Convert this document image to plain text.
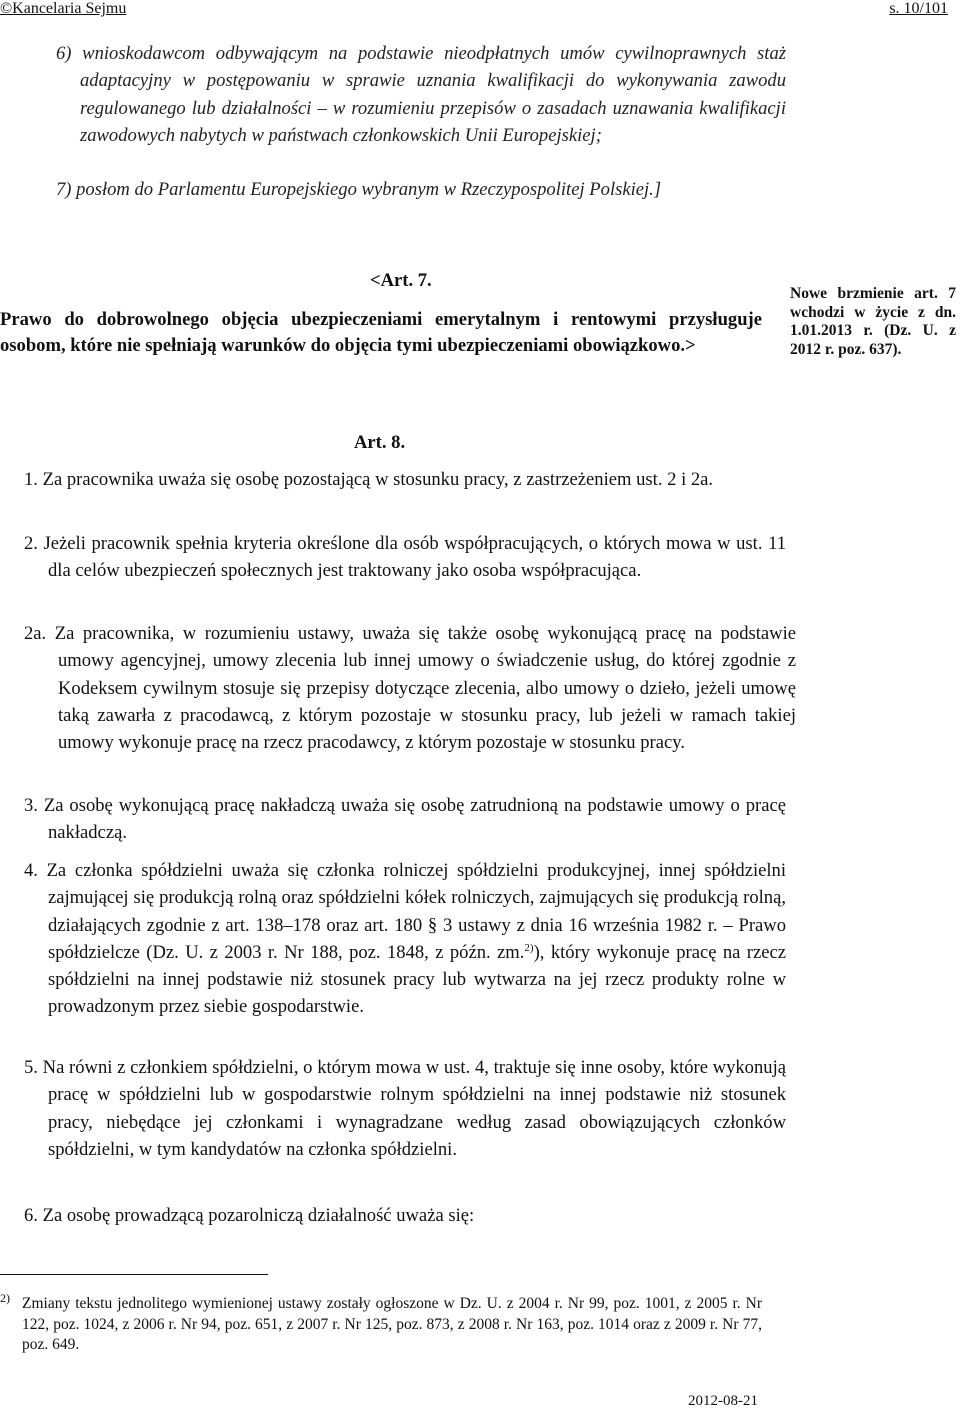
©Kancelaria Sejmu	s. 10/101
6) wnioskodawcom odbywającym na podstawie nieodpłatnych umów cywilnoprawnych staż adaptacyjny w postępowaniu w sprawie uznania kwalifikacji do wykonywania zawodu regulowanego lub działalności – w rozumieniu przepisów o zasadach uznawania kwalifikacji zawodowych nabytych w państwach członkowskich Unii Europejskiej;
7) posłom do Parlamentu Europejskiego wybranym w Rzeczypospolitej Polskiej.]
<Art. 7.
Prawo do dobrowolnego objęcia ubezpieczeniami emerytalnym i rentowymi przysługuje osobom, które nie spełniają warunków do objęcia tymi ubezpieczeniami obowiązkowo.>
Nowe brzmienie art. 7 wchodzi w życie z dn. 1.01.2013 r. (Dz. U. z 2012 r. poz. 637).
Art. 8.
1. Za pracownika uważa się osobę pozostającą w stosunku pracy, z zastrzeżeniem ust. 2 i 2a.
2. Jeżeli pracownik spełnia kryteria określone dla osób współpracujących, o których mowa w ust. 11 dla celów ubezpieczeń społecznych jest traktowany jako osoba współpracująca.
2a. Za pracownika, w rozumieniu ustawy, uważa się także osobę wykonującą pracę na podstawie umowy agencyjnej, umowy zlecenia lub innej umowy o świadczenie usług, do której zgodnie z Kodeksem cywilnym stosuje się przepisy dotyczące zlecenia, albo umowy o dzieło, jeżeli umowę taką zawarła z pracodawcą, z którym pozostaje w stosunku pracy, lub jeżeli w ramach takiej umowy wykonuje pracę na rzecz pracodawcy, z którym pozostaje w stosunku pracy.
3. Za osobę wykonującą pracę nakładczą uważa się osobę zatrudnioną na podstawie umowy o pracę nakładczą.
4. Za członka spółdzielni uważa się członka rolniczej spółdzielni produkcyjnej, innej spółdzielni zajmującej się produkcją rolną oraz spółdzielni kółek rolniczych, zajmujących się produkcją rolną, działających zgodnie z art. 138–178 oraz art. 180 § 3 ustawy z dnia 16 września 1982 r. – Prawo spółdzielcze (Dz. U. z 2003 r. Nr 188, poz. 1848, z późn. zm.$^{2)}$), który wykonuje pracę na rzecz spółdzielni na innej podstawie niż stosunek pracy lub wytwarza na jej rzecz produkty rolne w prowadzonym przez siebie gospodarstwie.
5. Na równi z członkiem spółdzielni, o którym mowa w ust. 4, traktuje się inne osoby, które wykonują pracę w spółdzielni lub w gospodarstwie rolnym spółdzielni na innej podstawie niż stosunek pracy, niebędące jej członkami i wynagradzane według zasad obowiązujących członków spółdzielni, w tym kandydatów na członka spółdzielni.
6. Za osobę prowadzącą pozarolniczą działalność uważa się:
2) Zmiany tekstu jednolitego wymienionej ustawy zostały ogłoszone w Dz. U. z 2004 r. Nr 99, poz. 1001, z 2005 r. Nr 122, poz. 1024, z 2006 r. Nr 94, poz. 651, z 2007 r. Nr 125, poz. 873, z 2008 r. Nr 163, poz. 1014 oraz z 2009 r. Nr 77, poz. 649.
2012-08-21
